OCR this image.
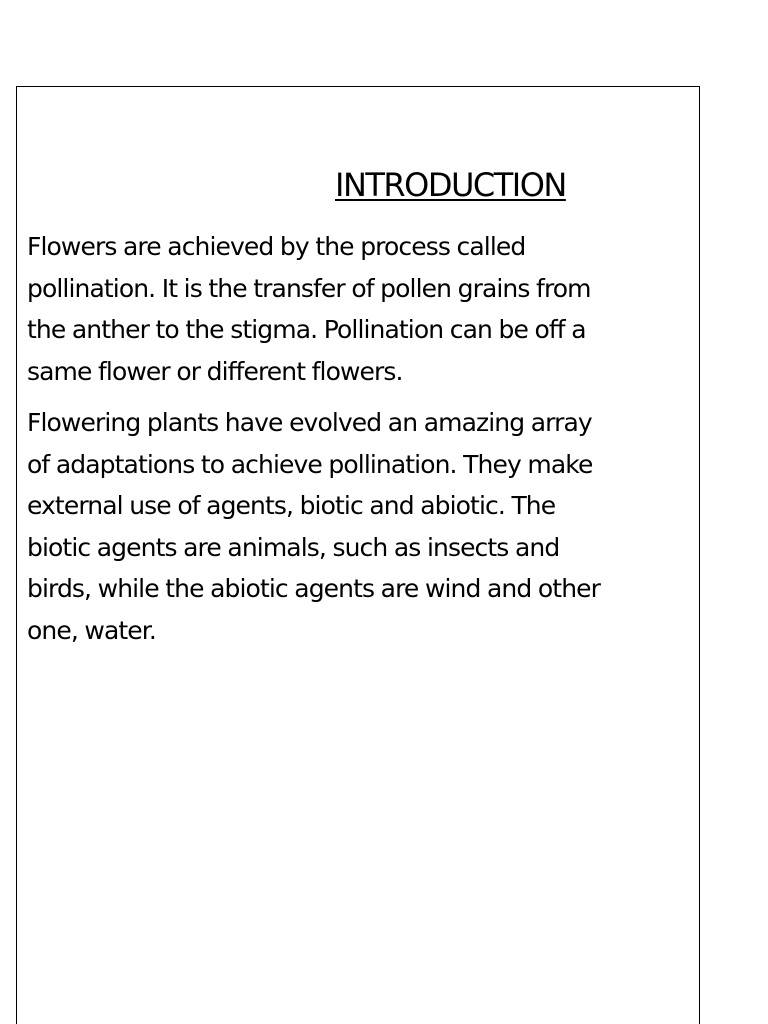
INTRODUCTION

Flowers are achieved by the process called
pollination. It is the transfer of pollen grains from
the anther to the stigma. Pollination can be off a
same flower or different flowers.

Flowering plants have evolved an amazing array
of adaptations to achieve pollination. They make
external use of agents, biotic and abiotic. The
biotic agents are animals, such as insects and
birds, while the abiotic agents are wind and other
one, water.
